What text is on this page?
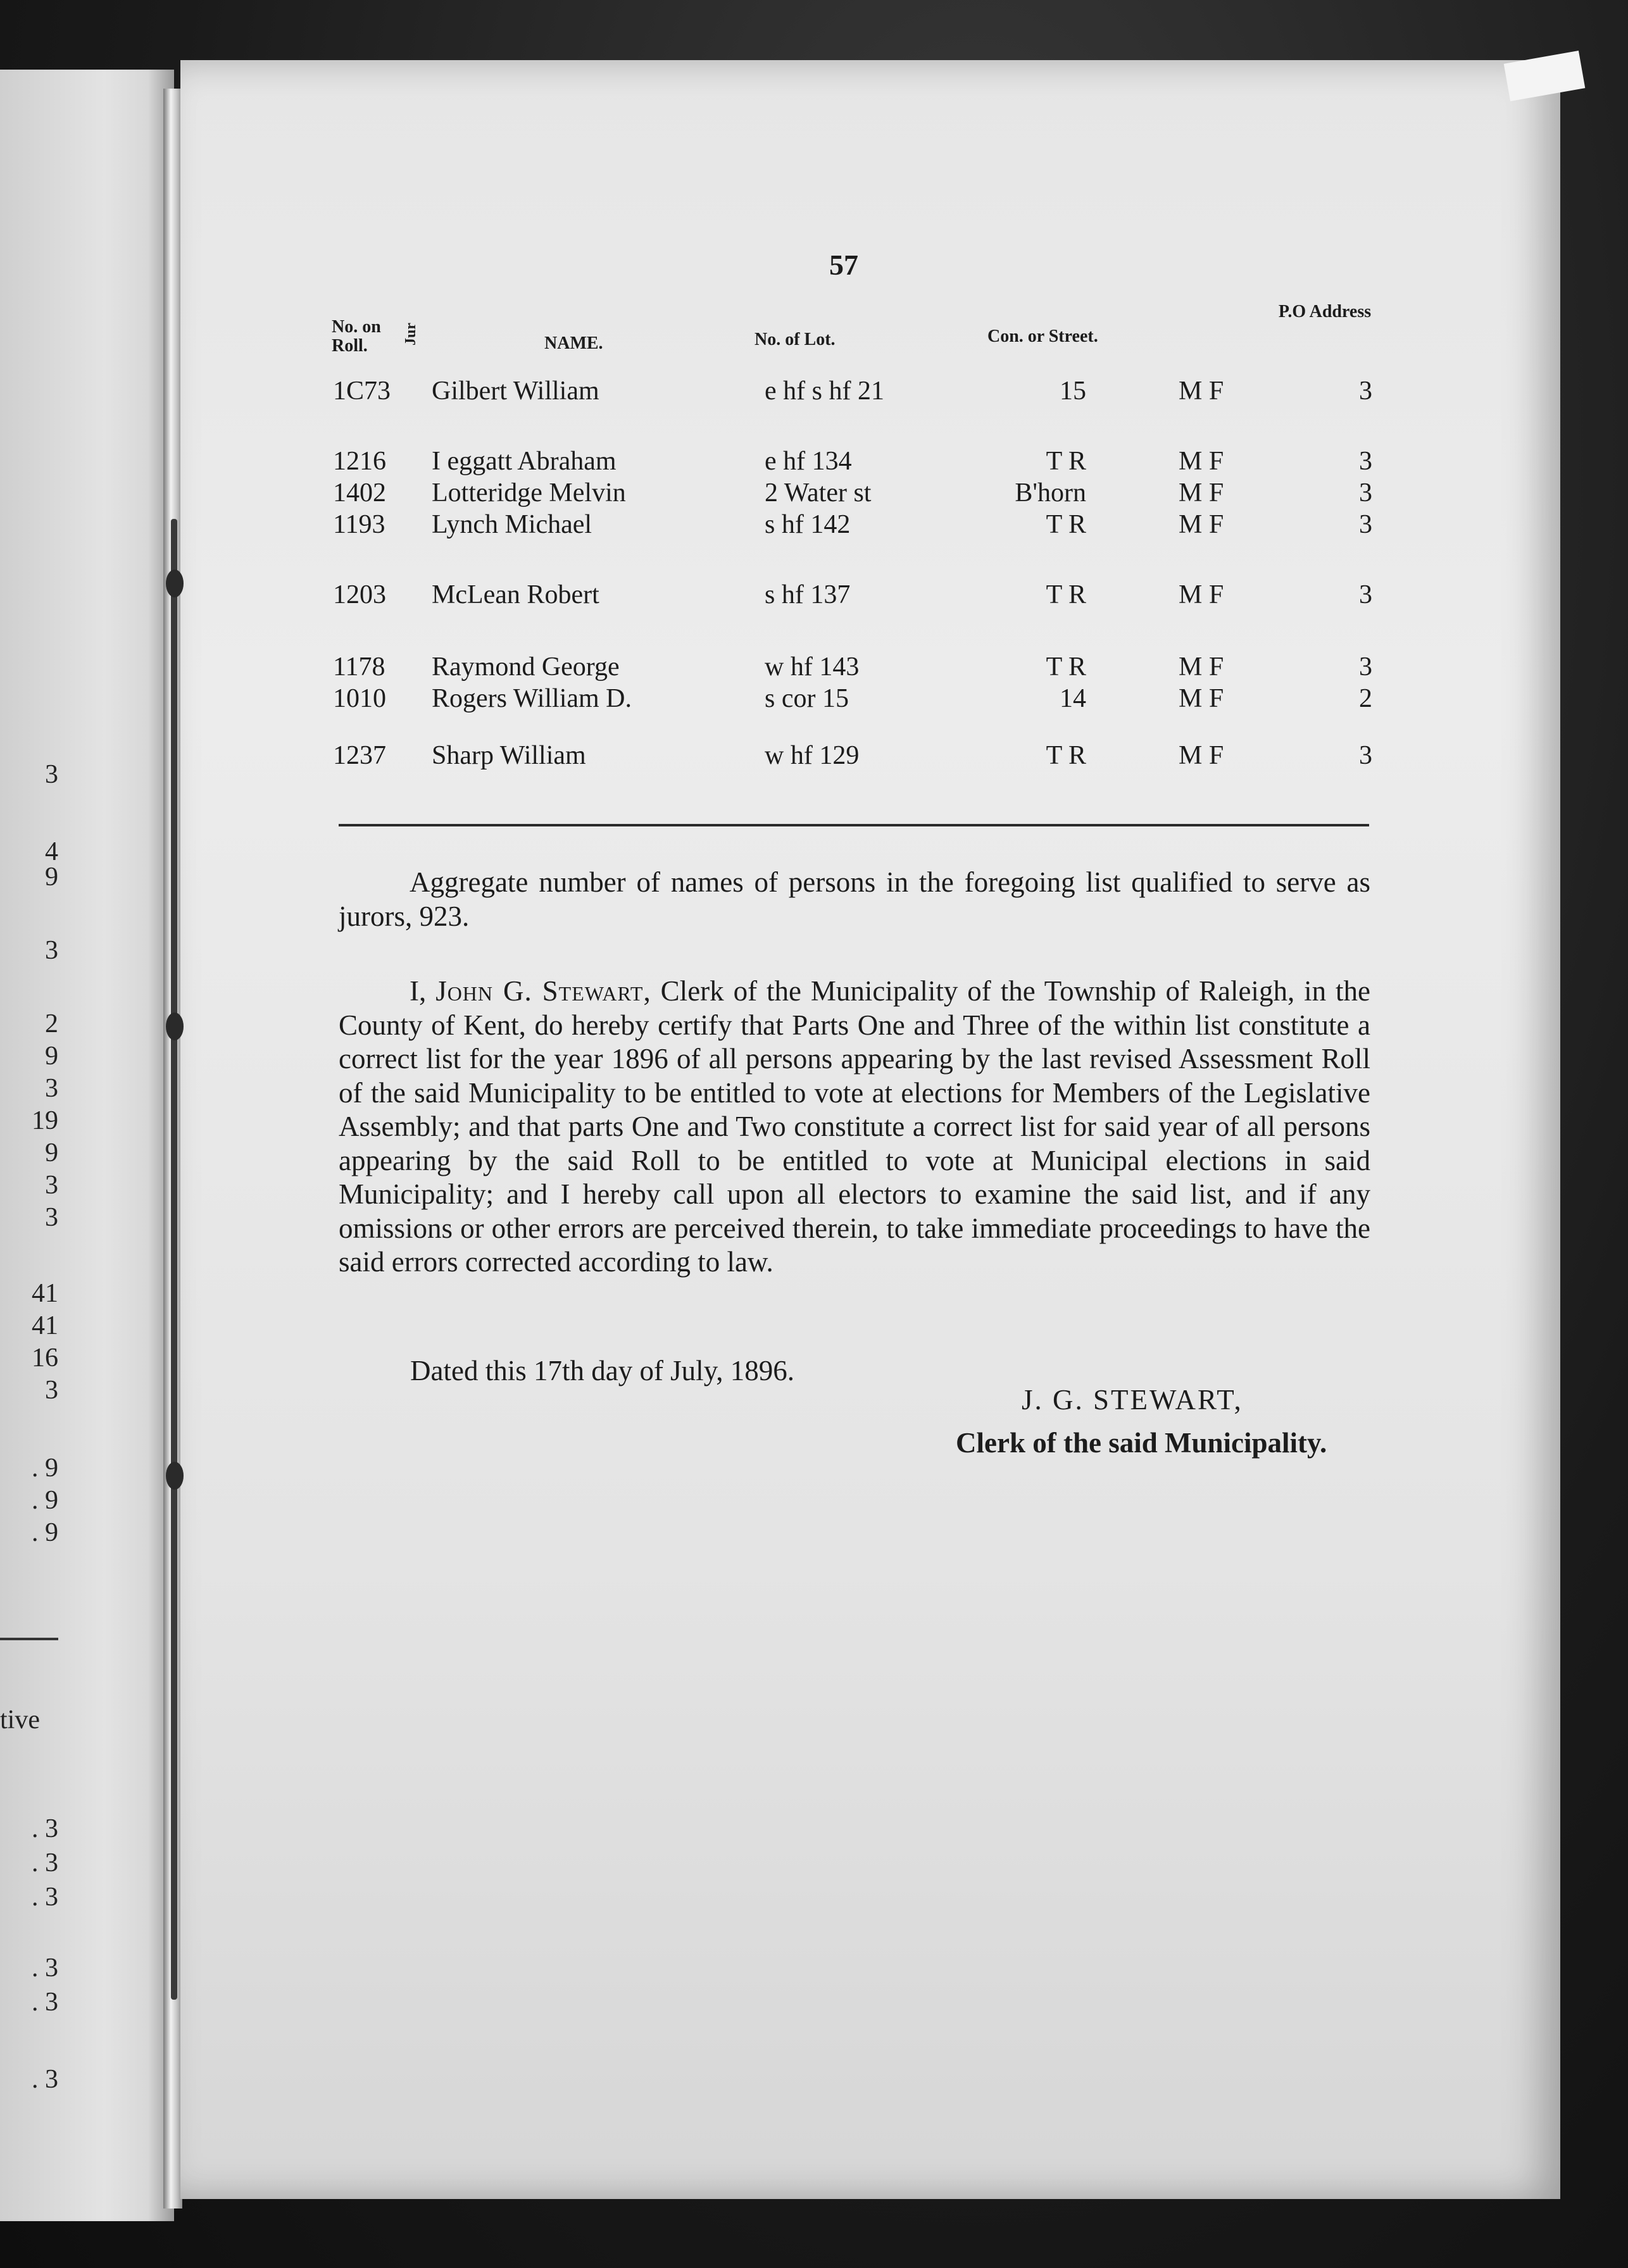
3
4
9
3
2
9
3
19
9
3
3
41
41
16
3
. 9
. 9
. 9
tive
. 3
. 3
. 3
. 3
. 3
. 3
57
No. on Roll.
Jur	NAME.	No. of Lot.	Con. or Street.
P.O Address
1C73 Gilbert William	e hf s hf 21	15	M F	3
1216 I eggatt Abraham	e hf 134	T R	M F	3
1402 Lotteridge Melvin	2 Water st	B'horn	M F	3
1193 Lynch Michael	s hf 142	T R	M F	3
1203 McLean Robert	s hf 137	T R	M F	3
1178 Raymond George	w hf 143	T R	M F	3
1010 Rogers William D.	s cor 15	14	M F	2
1237 Sharp William	w hf 129	T R	M F	3
Aggregate number of names of persons in the foregoing list qualified to serve as jurors, 923.
I, John G. Stewart, Clerk of the Municipality of the Township of Raleigh, in the County of Kent, do hereby certify that Parts One and Three of the within list constitute a correct list for the year 1896 of all persons appearing by the last revised Assessment Roll of the said Municipality to be entitled to vote at elections for Members of the Legislative Assembly; and that parts One and Two constitute a correct list for said year of all persons appearing by the said Roll to be entitled to vote at Municipal elections in said Municipality; and I hereby call upon all electors to examine the said list, and if any omissions or other errors are perceived therein, to take immediate proceedings to have the said errors corrected according to law.
Dated this 17th day of July, 1896.
J. G. STEWART,
Clerk of the said Municipality.
